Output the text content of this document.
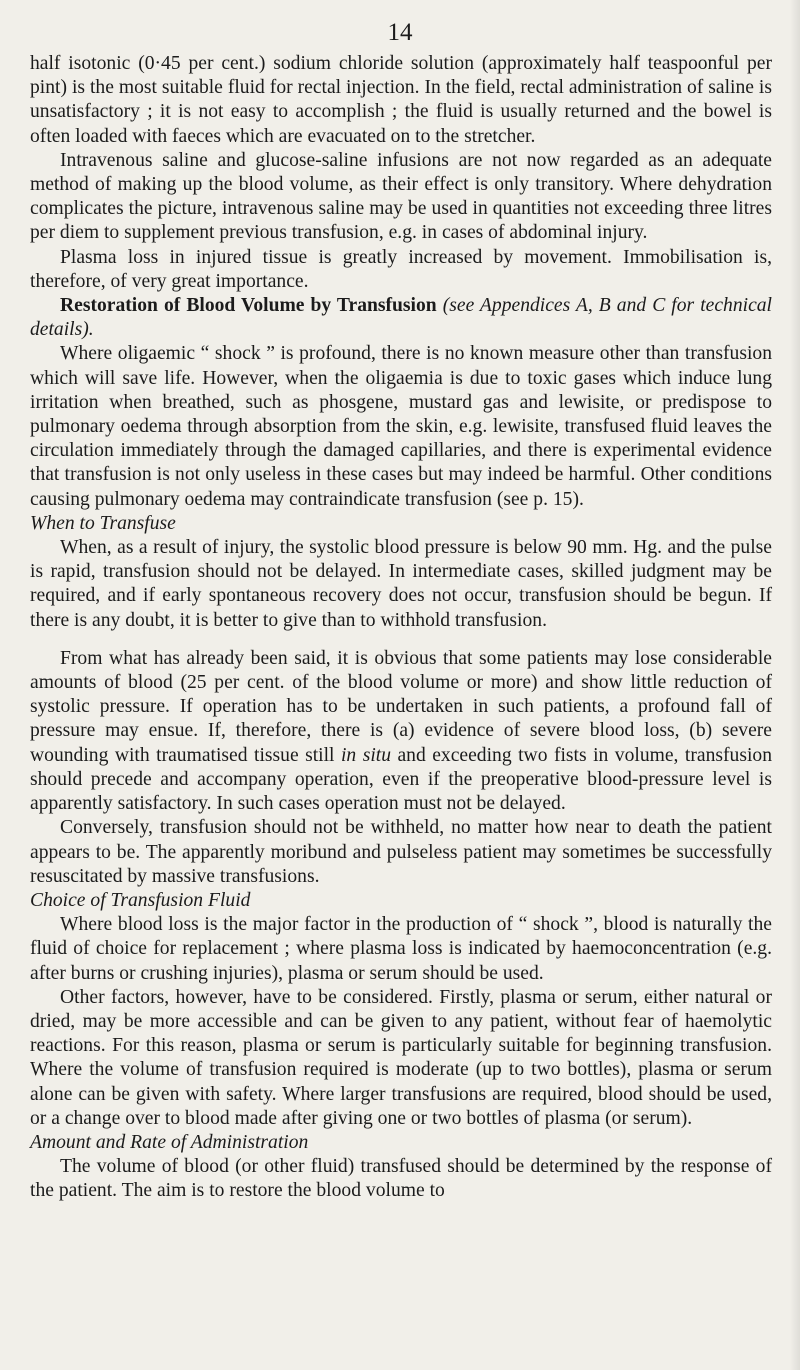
14

half isotonic (0·45 per cent.) sodium chloride solution (approximately half teaspoonful per pint) is the most suitable fluid for rectal injection. In the field, rectal administration of saline is unsatisfactory ; it is not easy to accomplish ; the fluid is usually returned and the bowel is often loaded with faeces which are evacuated on to the stretcher.

Intravenous saline and glucose-saline infusions are not now regarded as an adequate method of making up the blood volume, as their effect is only transitory. Where dehydration complicates the picture, intravenous saline may be used in quantities not exceeding three litres per diem to supplement previous transfusion, e.g. in cases of abdominal injury.

Plasma loss in injured tissue is greatly increased by movement. Immobilisation is, therefore, of very great importance.

Restoration of Blood Volume by Transfusion (see Appendices A, B and C for technical details).

Where oligaemic “ shock ” is profound, there is no known measure other than transfusion which will save life. However, when the oligaemia is due to toxic gases which induce lung irritation when breathed, such as phosgene, mustard gas and lewisite, or predispose to pulmonary oedema through absorption from the skin, e.g. lewisite, transfused fluid leaves the circulation immediately through the damaged capillaries, and there is experimental evidence that transfusion is not only useless in these cases but may indeed be harmful. Other conditions causing pulmonary oedema may contraindicate transfusion (see p. 15).

When to Transfuse

When, as a result of injury, the systolic blood pressure is below 90 mm. Hg. and the pulse is rapid, transfusion should not be delayed. In intermediate cases, skilled judgment may be required, and if early spontaneous recovery does not occur, transfusion should be begun. If there is any doubt, it is better to give than to withhold transfusion.

From what has already been said, it is obvious that some patients may lose considerable amounts of blood (25 per cent. of the blood volume or more) and show little reduction of systolic pressure. If operation has to be undertaken in such patients, a profound fall of pressure may ensue. If, therefore, there is (a) evidence of severe blood loss, (b) severe wounding with traumatised tissue still in situ and exceeding two fists in volume, transfusion should precede and accompany operation, even if the preoperative blood-pressure level is apparently satisfactory. In such cases operation must not be delayed.

Conversely, transfusion should not be withheld, no matter how near to death the patient appears to be. The apparently moribund and pulseless patient may sometimes be successfully resuscitated by massive transfusions.

Choice of Transfusion Fluid

Where blood loss is the major factor in the production of “ shock ”, blood is naturally the fluid of choice for replacement ; where plasma loss is indicated by haemoconcentration (e.g. after burns or crushing injuries), plasma or serum should be used.

Other factors, however, have to be considered. Firstly, plasma or serum, either natural or dried, may be more accessible and can be given to any patient, without fear of haemolytic reactions. For this reason, plasma or serum is particularly suitable for beginning transfusion. Where the volume of transfusion required is moderate (up to two bottles), plasma or serum alone can be given with safety. Where larger transfusions are required, blood should be used, or a change over to blood made after giving one or two bottles of plasma (or serum).

Amount and Rate of Administration

The volume of blood (or other fluid) transfused should be determined by the response of the patient. The aim is to restore the blood volume to
